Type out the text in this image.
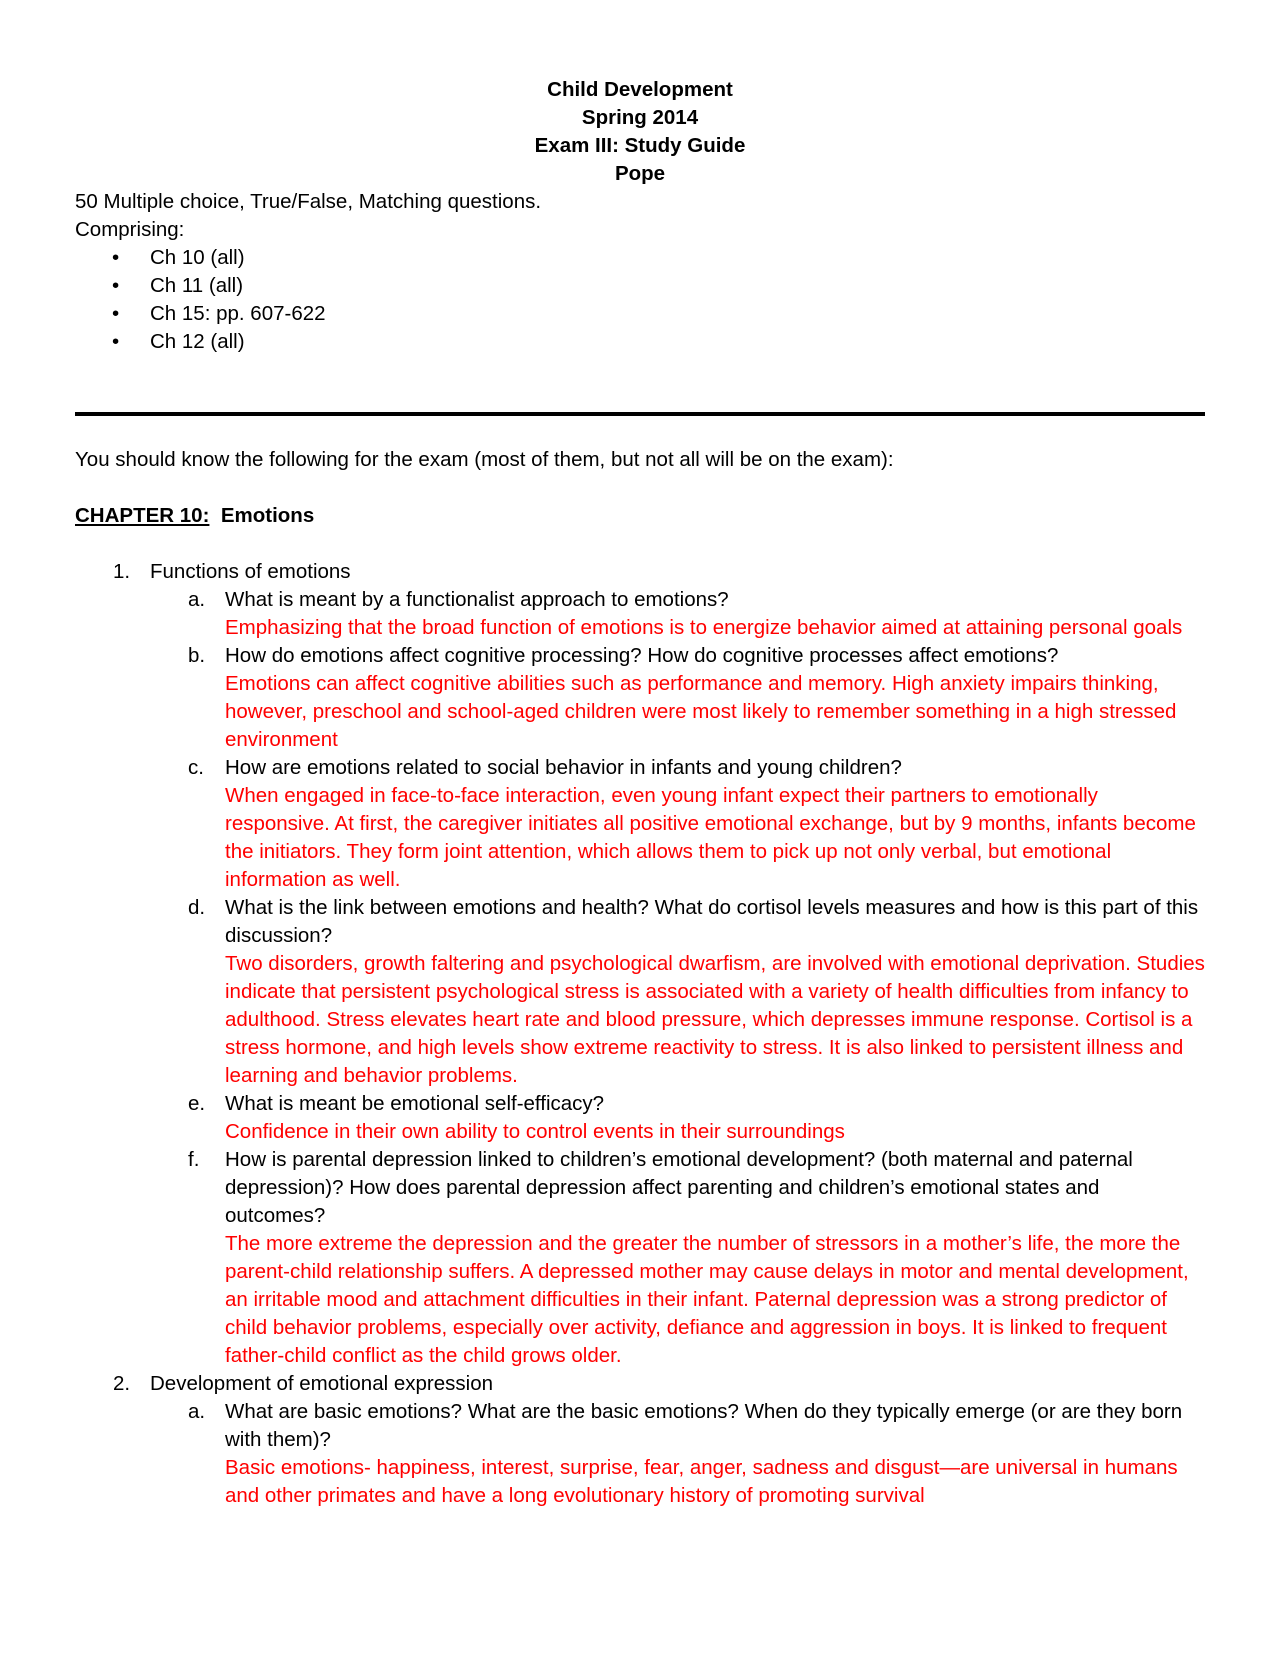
Child Development
Spring 2014
Exam III: Study Guide
Pope
50 Multiple choice, True/False, Matching questions.
Comprising:
• Ch 10 (all)
• Ch 11 (all)
• Ch 15: pp. 607-622
• Ch 12 (all)
You should know the following for the exam (most of them, but not all will be on the exam):
CHAPTER 10: Emotions
1. Functions of emotions
a. What is meant by a functionalist approach to emotions?
Emphasizing that the broad function of emotions is to energize behavior aimed at attaining personal goals
b. How do emotions affect cognitive processing? How do cognitive processes affect emotions?
Emotions can affect cognitive abilities such as performance and memory. High anxiety impairs thinking, however, preschool and school-aged children were most likely to remember something in a high stressed environment
c. How are emotions related to social behavior in infants and young children?
When engaged in face-to-face interaction, even young infant expect their partners to emotionally responsive. At first, the caregiver initiates all positive emotional exchange, but by 9 months, infants become the initiators. They form joint attention, which allows them to pick up not only verbal, but emotional information as well.
d. What is the link between emotions and health? What do cortisol levels measures and how is this part of this discussion?
Two disorders, growth faltering and psychological dwarfism, are involved with emotional deprivation. Studies indicate that persistent psychological stress is associated with a variety of health difficulties from infancy to adulthood. Stress elevates heart rate and blood pressure, which depresses immune response. Cortisol is a stress hormone, and high levels show extreme reactivity to stress. It is also linked to persistent illness and learning and behavior problems.
e. What is meant be emotional self-efficacy?
Confidence in their own ability to control events in their surroundings
f. How is parental depression linked to children’s emotional development? (both maternal and paternal depression)? How does parental depression affect parenting and children’s emotional states and outcomes?
The more extreme the depression and the greater the number of stressors in a mother’s life, the more the parent-child relationship suffers. A depressed mother may cause delays in motor and mental development, an irritable mood and attachment difficulties in their infant. Paternal depression was a strong predictor of child behavior problems, especially over activity, defiance and aggression in boys. It is linked to frequent father-child conflict as the child grows older.
2. Development of emotional expression
a. What are basic emotions? What are the basic emotions? When do they typically emerge (or are they born with them)?
Basic emotions- happiness, interest, surprise, fear, anger, sadness and disgust—are universal in humans and other primates and have a long evolutionary history of promoting survival
